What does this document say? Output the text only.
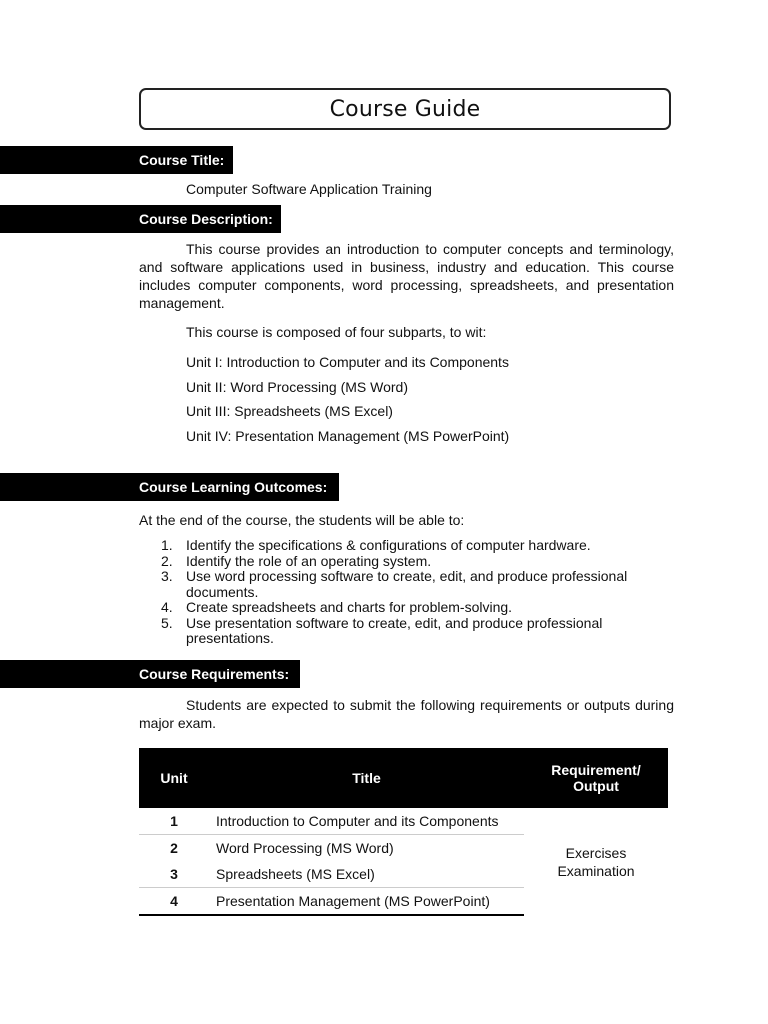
Course Guide
Course Title:
Computer Software Application Training
Course Description:
This course provides an introduction to computer concepts and terminology, and software applications used in business, industry and education. This course includes computer components, word processing, spreadsheets, and presentation management.
This course is composed of four subparts, to wit:
Unit I: Introduction to Computer and its Components
Unit II: Word Processing (MS Word)
Unit III: Spreadsheets (MS Excel)
Unit IV: Presentation Management (MS PowerPoint)
Course Learning Outcomes:
At the end of the course, the students will be able to:
1. Identify the specifications & configurations of computer hardware.
2. Identify the role of an operating system.
3. Use word processing software to create, edit, and produce professional documents.
4. Create spreadsheets and charts for problem-solving.
5. Use presentation software to create, edit, and produce professional presentations.
Course Requirements:
Students are expected to submit the following requirements or outputs during major exam.
Unit	Title	Requirement/
Output

1	Introduction to Computer and its Components	Exercises
Examination

2	Word Processing (MS Word)	
3	Spreadsheets (MS Excel)	
4	Presentation Management (MS PowerPoint)	
